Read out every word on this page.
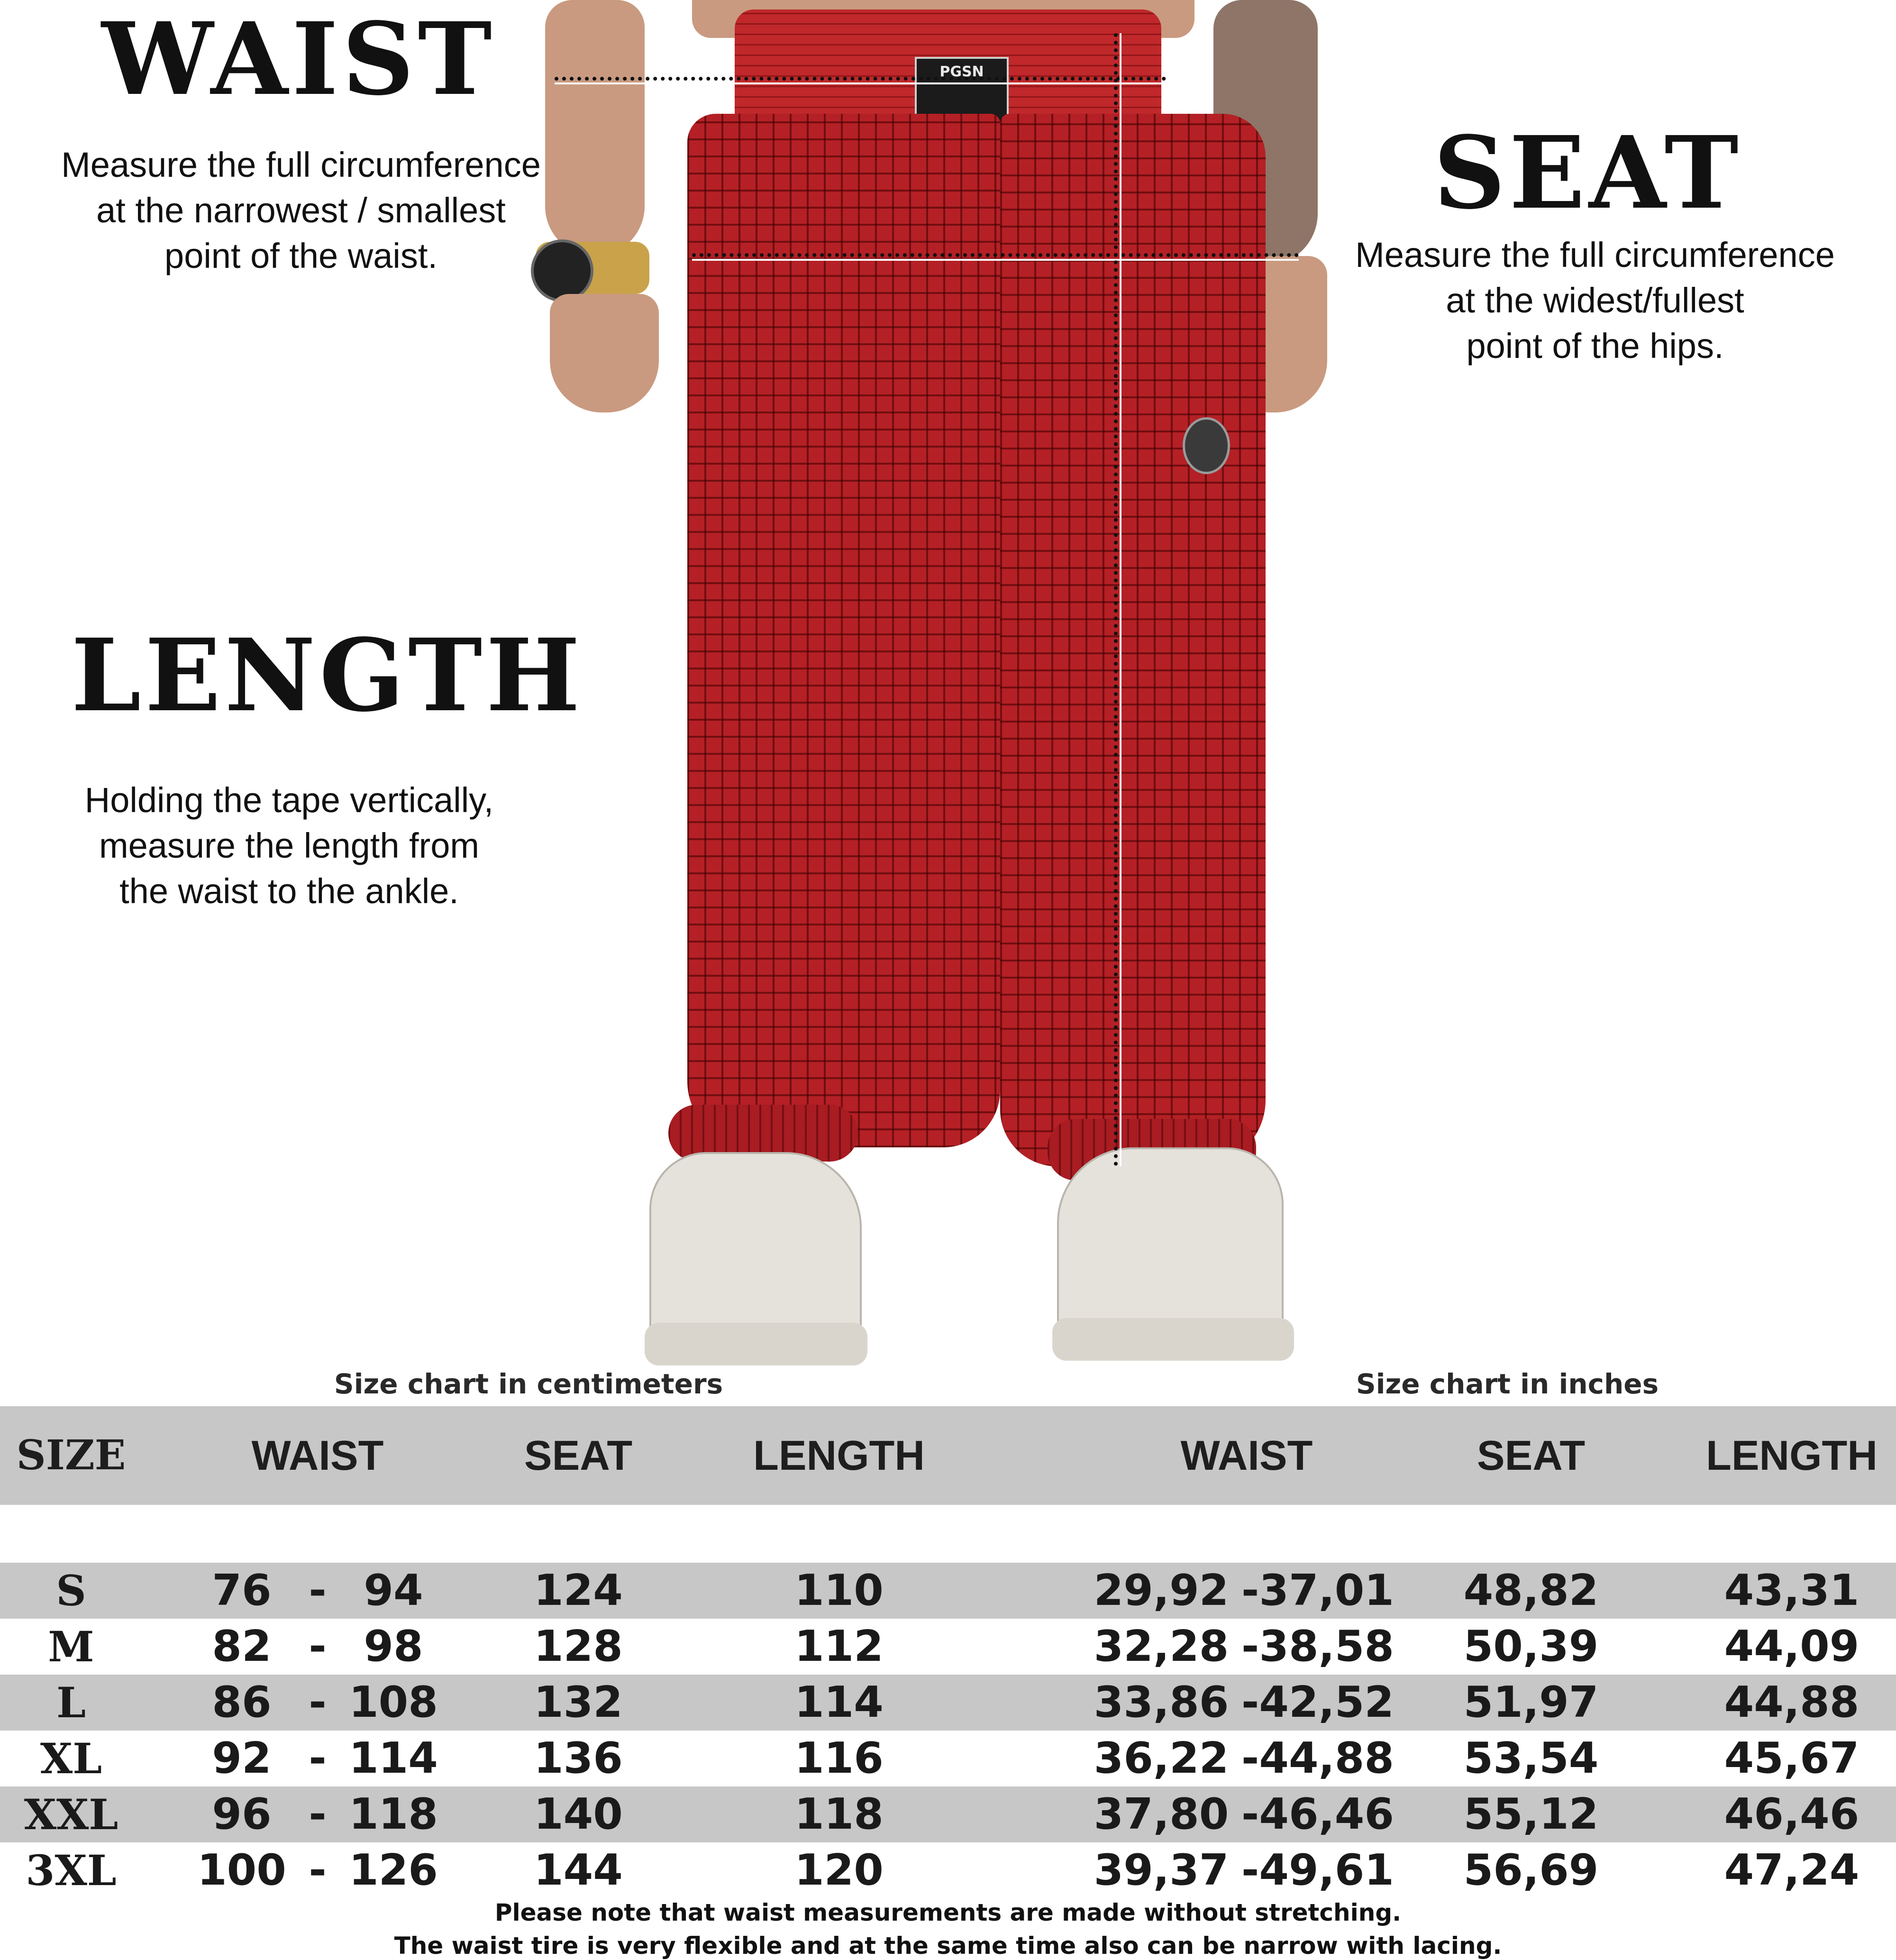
WAIST
Measure the full circumference
at the narrowest / smallest
point of the waist.
SEAT
Measure the full circumference
at the widest/fullest
point of the hips.
LENGTH
Holding the tape vertically,
measure the length from
the waist to the ankle.
PGSN
Size chart in centimeters	Size chart in inches
SIZE	WAIST	SEAT	LENGTH	WAIST	SEAT	LENGTH
S	76 - 94	124	110	29,92 -37,01	48,82	43,31
M	82 - 98	128	112	32,28 -38,58	50,39	44,09
L	86 - 108	132	114	33,86 -42,52	51,97	44,88
XL	92 - 114	136	116	36,22 -44,88	53,54	45,67
XXL	96 - 118	140	118	37,80 -46,46	55,12	46,46
3XL	100 - 126	144	120	39,37 -49,61	56,69	47,24
Please note that waist measurements are made without stretching.
The waist tire is very flexible and at the same time also can be narrow with lacing.
